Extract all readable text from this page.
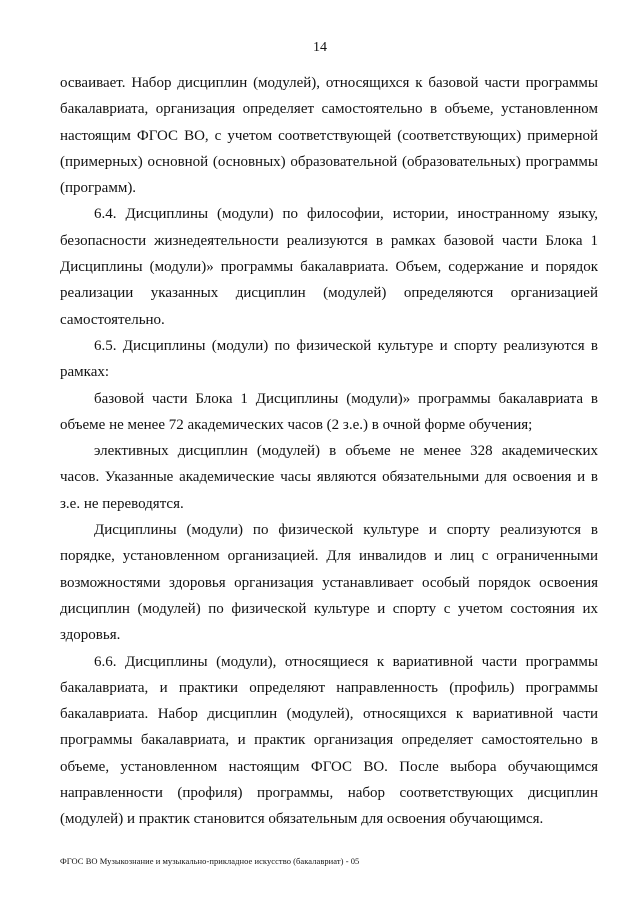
14

осваивает. Набор дисциплин (модулей), относящихся к базовой части программы бакалавриата, организация определяет самостоятельно в объеме, установленном настоящим ФГОС ВО, с учетом соответствующей (соответствующих) примерной (примерных) основной (основных) образовательной (образовательных) программы (программ).

6.4. Дисциплины (модули) по философии, истории, иностранному языку, безопасности жизнедеятельности реализуются в рамках базовой части Блока 1 Дисциплины (модули)» программы бакалавриата. Объем, содержание и порядок реализации указанных дисциплин (модулей) определяются организацией самостоятельно.

6.5. Дисциплины (модули) по физической культуре и спорту реализуются в рамках:

базовой части Блока 1 Дисциплины (модули)» программы бакалавриата в объеме не менее 72 академических часов (2 з.е.) в очной форме обучения;

элективных дисциплин (модулей) в объеме не менее 328 академических часов. Указанные академические часы являются обязательными для освоения и в з.е. не переводятся.

Дисциплины (модули) по физической культуре и спорту реализуются в порядке, установленном организацией. Для инвалидов и лиц с ограниченными возможностями здоровья организация устанавливает особый порядок освоения дисциплин (модулей) по физической культуре и спорту с учетом состояния их здоровья.

6.6. Дисциплины (модули), относящиеся к вариативной части программы бакалавриата, и практики определяют направленность (профиль) программы бакалавриата. Набор дисциплин (модулей), относящихся к вариативной части программы бакалавриата, и практик организация определяет самостоятельно в объеме, установленном настоящим ФГОС ВО. После выбора обучающимся направленности (профиля) программы, набор соответствующих дисциплин (модулей) и практик становится обязательным для освоения обучающимся.

ФГОС ВО Музыкознание и музыкально-прикладное искусство (бакалавриат) - 05
